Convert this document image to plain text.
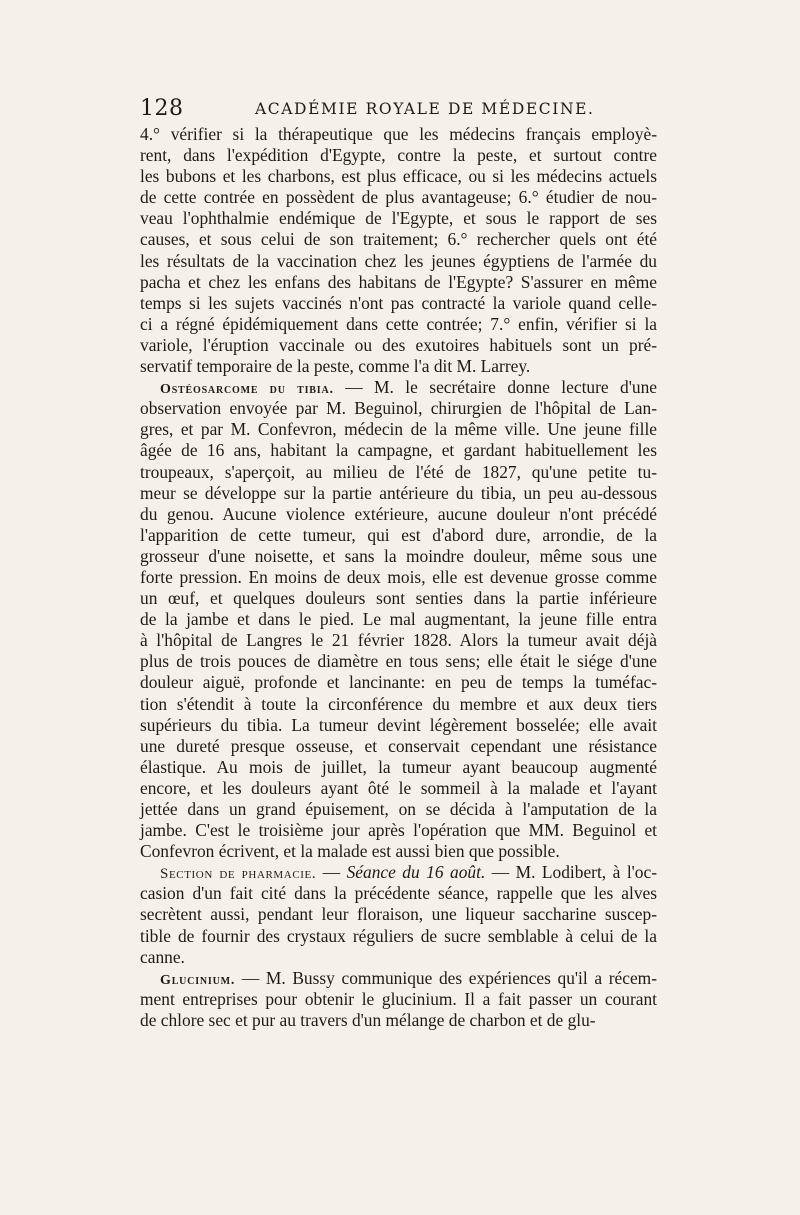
128	ACADÉMIE ROYALE DE MÉDECINE.
4.° vérifier si la thérapeutique que les médecins français employè-
rent, dans l'expédition d'Egypte, contre la peste, et surtout contre
les bubons et les charbons, est plus efficace, ou si les médecins actuels
de cette contrée en possèdent de plus avantageuse; 6.° étudier de nou-
veau l'ophthalmie endémique de l'Egypte, et sous le rapport de ses
causes, et sous celui de son traitement; 6.° rechercher quels ont été
les résultats de la vaccination chez les jeunes égyptiens de l'armée du
pacha et chez les enfans des habitans de l'Egypte? S'assurer en même
temps si les sujets vaccinés n'ont pas contracté la variole quand celle-
ci a régné épidémiquement dans cette contrée; 7.° enfin, vérifier si la
variole, l'éruption vaccinale ou des exutoires habituels sont un pré-
servatif temporaire de la peste, comme l'a dit M. Larrey.
Ostéosarcome du tibia. — M. le secrétaire donne lecture d'une
observation envoyée par M. Beguinol, chirurgien de l'hôpital de Lan-
gres, et par M. Confevron, médecin de la même ville. Une jeune fille
âgée de 16 ans, habitant la campagne, et gardant habituellement les
troupeaux, s'aperçoit, au milieu de l'été de 1827, qu'une petite tu-
meur se développe sur la partie antérieure du tibia, un peu au-dessous
du genou. Aucune violence extérieure, aucune douleur n'ont précédé
l'apparition de cette tumeur, qui est d'abord dure, arrondie, de la
grosseur d'une noisette, et sans la moindre douleur, même sous une
forte pression. En moins de deux mois, elle est devenue grosse comme
un œuf, et quelques douleurs sont senties dans la partie inférieure
de la jambe et dans le pied. Le mal augmentant, la jeune fille entra
à l'hôpital de Langres le 21 février 1828. Alors la tumeur avait déjà
plus de trois pouces de diamètre en tous sens; elle était le siége d'une
douleur aiguë, profonde et lancinante: en peu de temps la tuméfac-
tion s'étendit à toute la circonférence du membre et aux deux tiers
supérieurs du tibia. La tumeur devint légèrement bosselée; elle avait
une dureté presque osseuse, et conservait cependant une résistance
élastique. Au mois de juillet, la tumeur ayant beaucoup augmenté
encore, et les douleurs ayant ôté le sommeil à la malade et l'ayant
jettée dans un grand épuisement, on se décida à l'amputation de la
jambe. C'est le troisième jour après l'opération que MM. Beguinol et
Confevron écrivent, et la malade est aussi bien que possible.
Section de pharmacie. — Séance du 16 août. — M. Lodibert, à l'oc-
casion d'un fait cité dans la précédente séance, rappelle que les alves
secrètent aussi, pendant leur floraison, une liqueur saccharine suscep-
tible de fournir des crystaux réguliers de sucre semblable à celui de la
canne.
Glucinium. — M. Bussy communique des expériences qu'il a récem-
ment entreprises pour obtenir le glucinium. Il a fait passer un courant
de chlore sec et pur au travers d'un mélange de charbon et de glu-
